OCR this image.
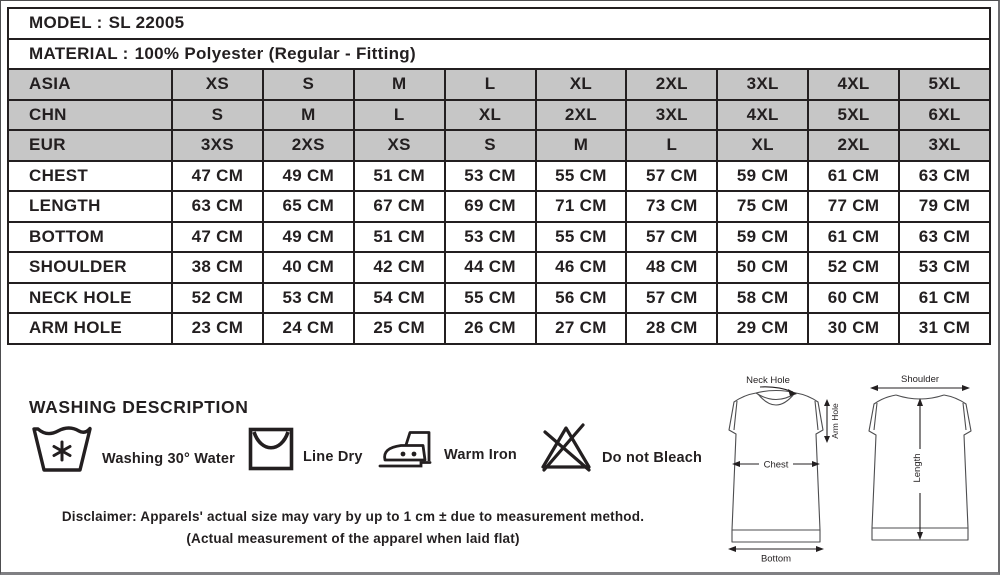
MODEL : SL 22005									
MATERIAL : 100% Polyester (Regular - Fitting)									
ASIA	XS	S	M	L	XL	2XL	3XL	4XL	5XL
CHN	S	M	L	XL	2XL	3XL	4XL	5XL	6XL
EUR	3XS	2XS	XS	S	M	L	XL	2XL	3XL
CHEST	47 CM	49 CM	51 CM	53 CM	55 CM	57 CM	59 CM	61 CM	63 CM
LENGTH	63 CM	65 CM	67 CM	69 CM	71 CM	73 CM	75 CM	77 CM	79 CM
BOTTOM	47 CM	49 CM	51 CM	53 CM	55 CM	57 CM	59 CM	61 CM	63 CM
SHOULDER	38 CM	40 CM	42 CM	44 CM	46 CM	48 CM	50 CM	52 CM	53 CM
NECK HOLE	52 CM	53 CM	54 CM	55 CM	56 CM	57 CM	58 CM	60 CM	61 CM
ARM HOLE	23 CM	24 CM	25 CM	26 CM	27 CM	28 CM	29 CM	30 CM	31 CM
WASHING DESCRIPTION
Washing 30° Water	Line Dry	Warm Iron	Do not Bleach
Disclaimer: Apparels' actual size may vary by up to 1 cm ± due to measurement method.
(Actual measurement of the apparel when laid flat)
Neck Hole
Arm Hole
Chest
Bottom
Shoulder
Length
